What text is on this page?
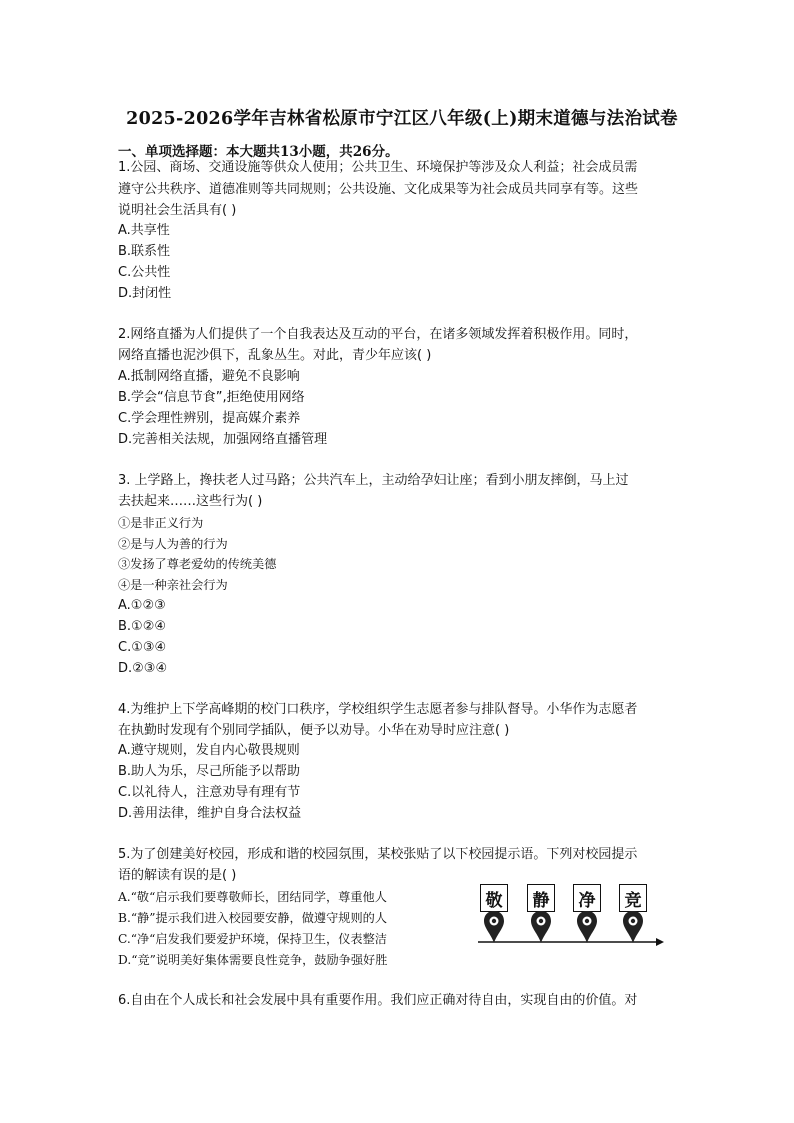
2025-2026学年吉林省松原市宁江区八年级(上)期末道德与法治试卷
一、单项选择题：本大题共13小题，共26分。
1.公园、商场、交通设施等供众人使用；公共卫生、环境保护等涉及众人利益；社会成员需
遵守公共秩序、道德准则等共同规则；公共设施、文化成果等为社会成员共同享有等。这些
说明社会生活具有( )
A.共享性
B.联系性
C.公共性
D.封闭性
2.网络直播为人们提供了一个自我表达及互动的平台，在诸多领域发挥着积极作用。同时，
网络直播也泥沙俱下，乱象丛生。对此，青少年应该( )
A.抵制网络直播，避免不良影响
B.学会“信息节食”,拒绝使用网络
C.学会理性辨别，提高媒介素养
D.完善相关法规，加强网络直播管理
3. 上学路上，搀扶老人过马路；公共汽车上，主动给孕妇让座；看到小朋友摔倒，马上过
去扶起来……这些行为( )
①是非正义行为
②是与人为善的行为
③发扬了尊老爱幼的传统美德
④是一种亲社会行为
A.①②③
B.①②④
C.①③④
D.②③④
4.为维护上下学高峰期的校门口秩序，学校组织学生志愿者参与排队督导。小华作为志愿者
在执勤时发现有个别同学插队，便予以劝导。小华在劝导时应注意( )
A.遵守规则，发自内心敬畏规则
B.助人为乐，尽己所能予以帮助
C.以礼待人，注意劝导有理有节
D.善用法律，维护自身合法权益
5.为了创建美好校园，形成和谐的校园氛围，某校张贴了以下校园提示语。下列对校园提示
语的解读有误的是( )
A.“敬“启示我们要尊敬师长，团结同学，尊重他人
B.“静”提示我们进入校园要安静，做遵守规则的人
C.“净“启发我们要爱护环境，保持卫生，仪表整洁
D.“竞”说明美好集体需要良性竞争，鼓励争强好胜
6.自由在个人成长和社会发展中具有重要作用。我们应正确对待自由，实现自由的价值。对
敬	静	净	竞
